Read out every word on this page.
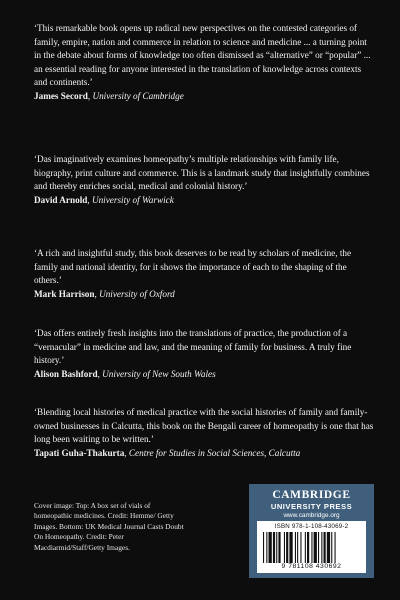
‘This remarkable book opens up radical new perspectives on the contested categories of family, empire, nation and commerce in relation to science and medicine ... a turning point in the debate about forms of knowledge too often dismissed as “alternative” or “popular” ... an essential reading for anyone interested in the translation of knowledge across contexts and continents.’

James Secord, University of Cambridge

‘Das imaginatively examines homeopathy’s multiple relationships with family life, biography, print culture and commerce. This is a landmark study that insightfully combines and thereby enriches social, medical and colonial history.’

David Arnold, University of Warwick

‘A rich and insightful study, this book deserves to be read by scholars of medicine, the family and national identity, for it shows the importance of each to the shaping of the others.’

Mark Harrison, University of Oxford

‘Das offers entirely fresh insights into the translations of practice, the production of a “vernacular” in medicine and law, and the meaning of family for business. A truly fine history.’

Alison Bashford, University of New South Wales

‘Blending local histories of medical practice with the social histories of family and family-owned businesses in Calcutta, this book on the Bengali career of homeopathy is one that has long been waiting to be written.’

Tapati Guha-Thakurta, Centre for Studies in Social Sciences, Calcutta

Cover image: Top: A box set of vials of homeopathic medicines. Credit: Hemme/ Getty Images. Bottom: UK Medical Journal Casts Doubt On Homeopathy. Credit: Peter Macdiarmid/Staff/Getty Images.
CAMBRIDGE
UNIVERSITY PRESS
www.cambridge.org
ISBN 978-1-108-43069-2
9 781108 430692
